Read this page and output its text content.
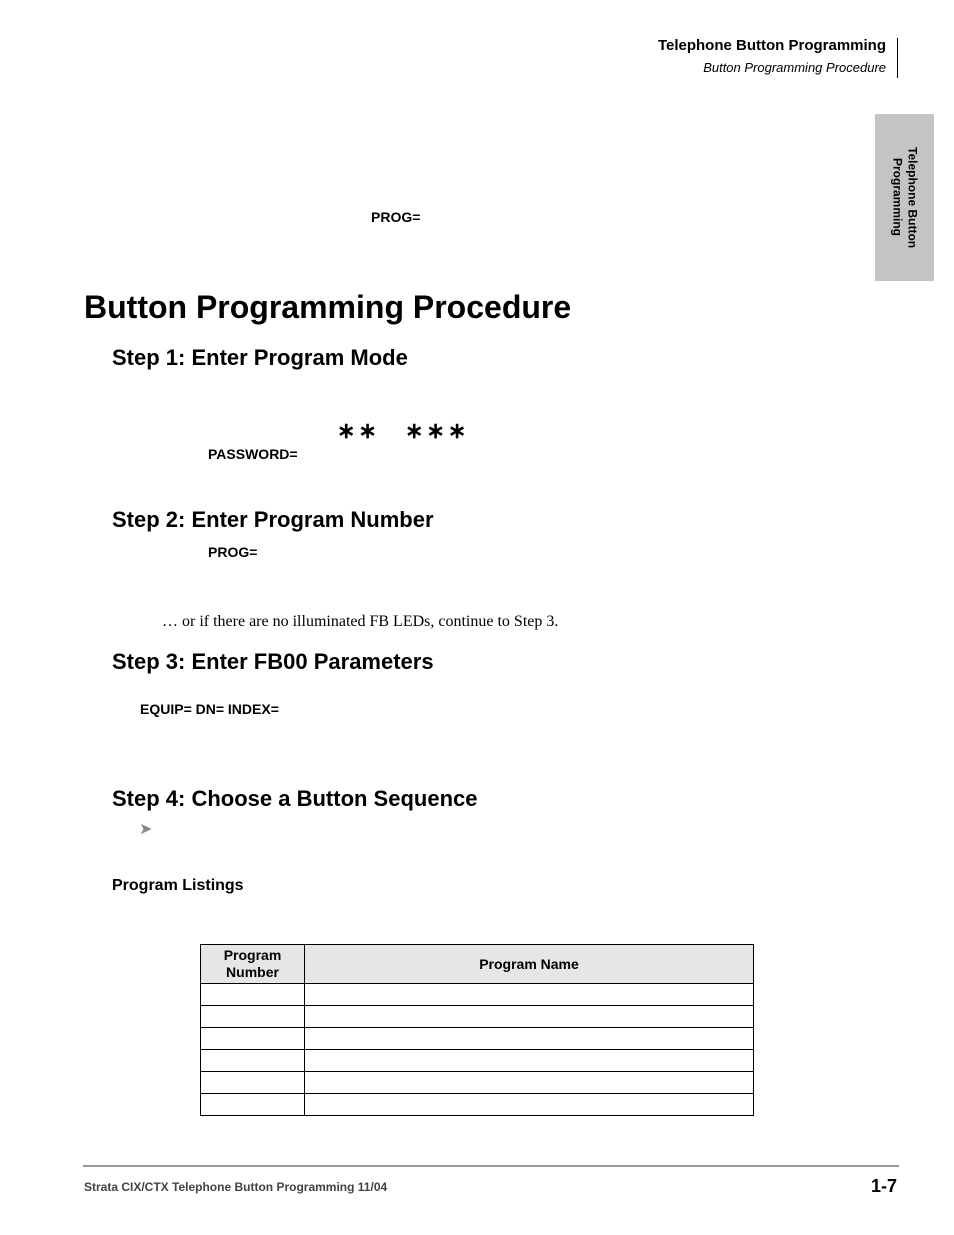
Telephone Button Programming
Button Programming Procedure
Telephone Button
Programming
PROG=
Button Programming Procedure
Step 1: Enter Program Mode
∗∗ ∗∗∗
PASSWORD=
Step 2: Enter Program Number
PROG=
… or if there are no illuminated FB LEDs, continue to Step 3.
Step 3: Enter FB00 Parameters
EQUIP= DN= INDEX=
Step 4: Choose a Button Sequence
➤
Program Listings
Program
Number	Program Name

Strata CIX/CTX Telephone Button Programming 11/04	1-7
